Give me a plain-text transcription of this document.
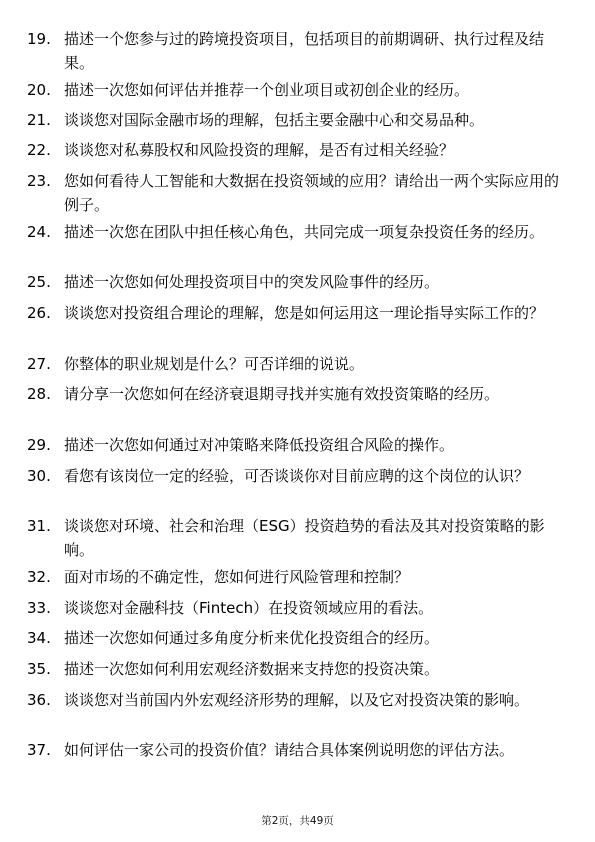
19. 描述一个您参与过的跨境投资项目，包括项目的前期调研、执行过程及结果。
20. 描述一次您如何评估并推荐一个创业项目或初创企业的经历。
21. 谈谈您对国际金融市场的理解，包括主要金融中心和交易品种。
22. 谈谈您对私募股权和风险投资的理解，是否有过相关经验？
23. 您如何看待人工智能和大数据在投资领域的应用？请给出一两个实际应用的例子。
24. 描述一次您在团队中担任核心角色，共同完成一项复杂投资任务的经历。
25. 描述一次您如何处理投资项目中的突发风险事件的经历。
26. 谈谈您对投资组合理论的理解，您是如何运用这一理论指导实际工作的？
27. 你整体的职业规划是什么？可否详细的说说。
28. 请分享一次您如何在经济衰退期寻找并实施有效投资策略的经历。
29. 描述一次您如何通过对冲策略来降低投资组合风险的操作。
30. 看您有该岗位一定的经验，可否谈谈你对目前应聘的这个岗位的认识？
31. 谈谈您对环境、社会和治理（ESG）投资趋势的看法及其对投资策略的影响。
32. 面对市场的不确定性，您如何进行风险管理和控制？
33. 谈谈您对金融科技（Fintech）在投资领域应用的看法。
34. 描述一次您如何通过多角度分析来优化投资组合的经历。
35. 描述一次您如何利用宏观经济数据来支持您的投资决策。
36. 谈谈您对当前国内外宏观经济形势的理解，以及它对投资决策的影响。
37. 如何评估一家公司的投资价值？请结合具体案例说明您的评估方法。
第2页，共49页
